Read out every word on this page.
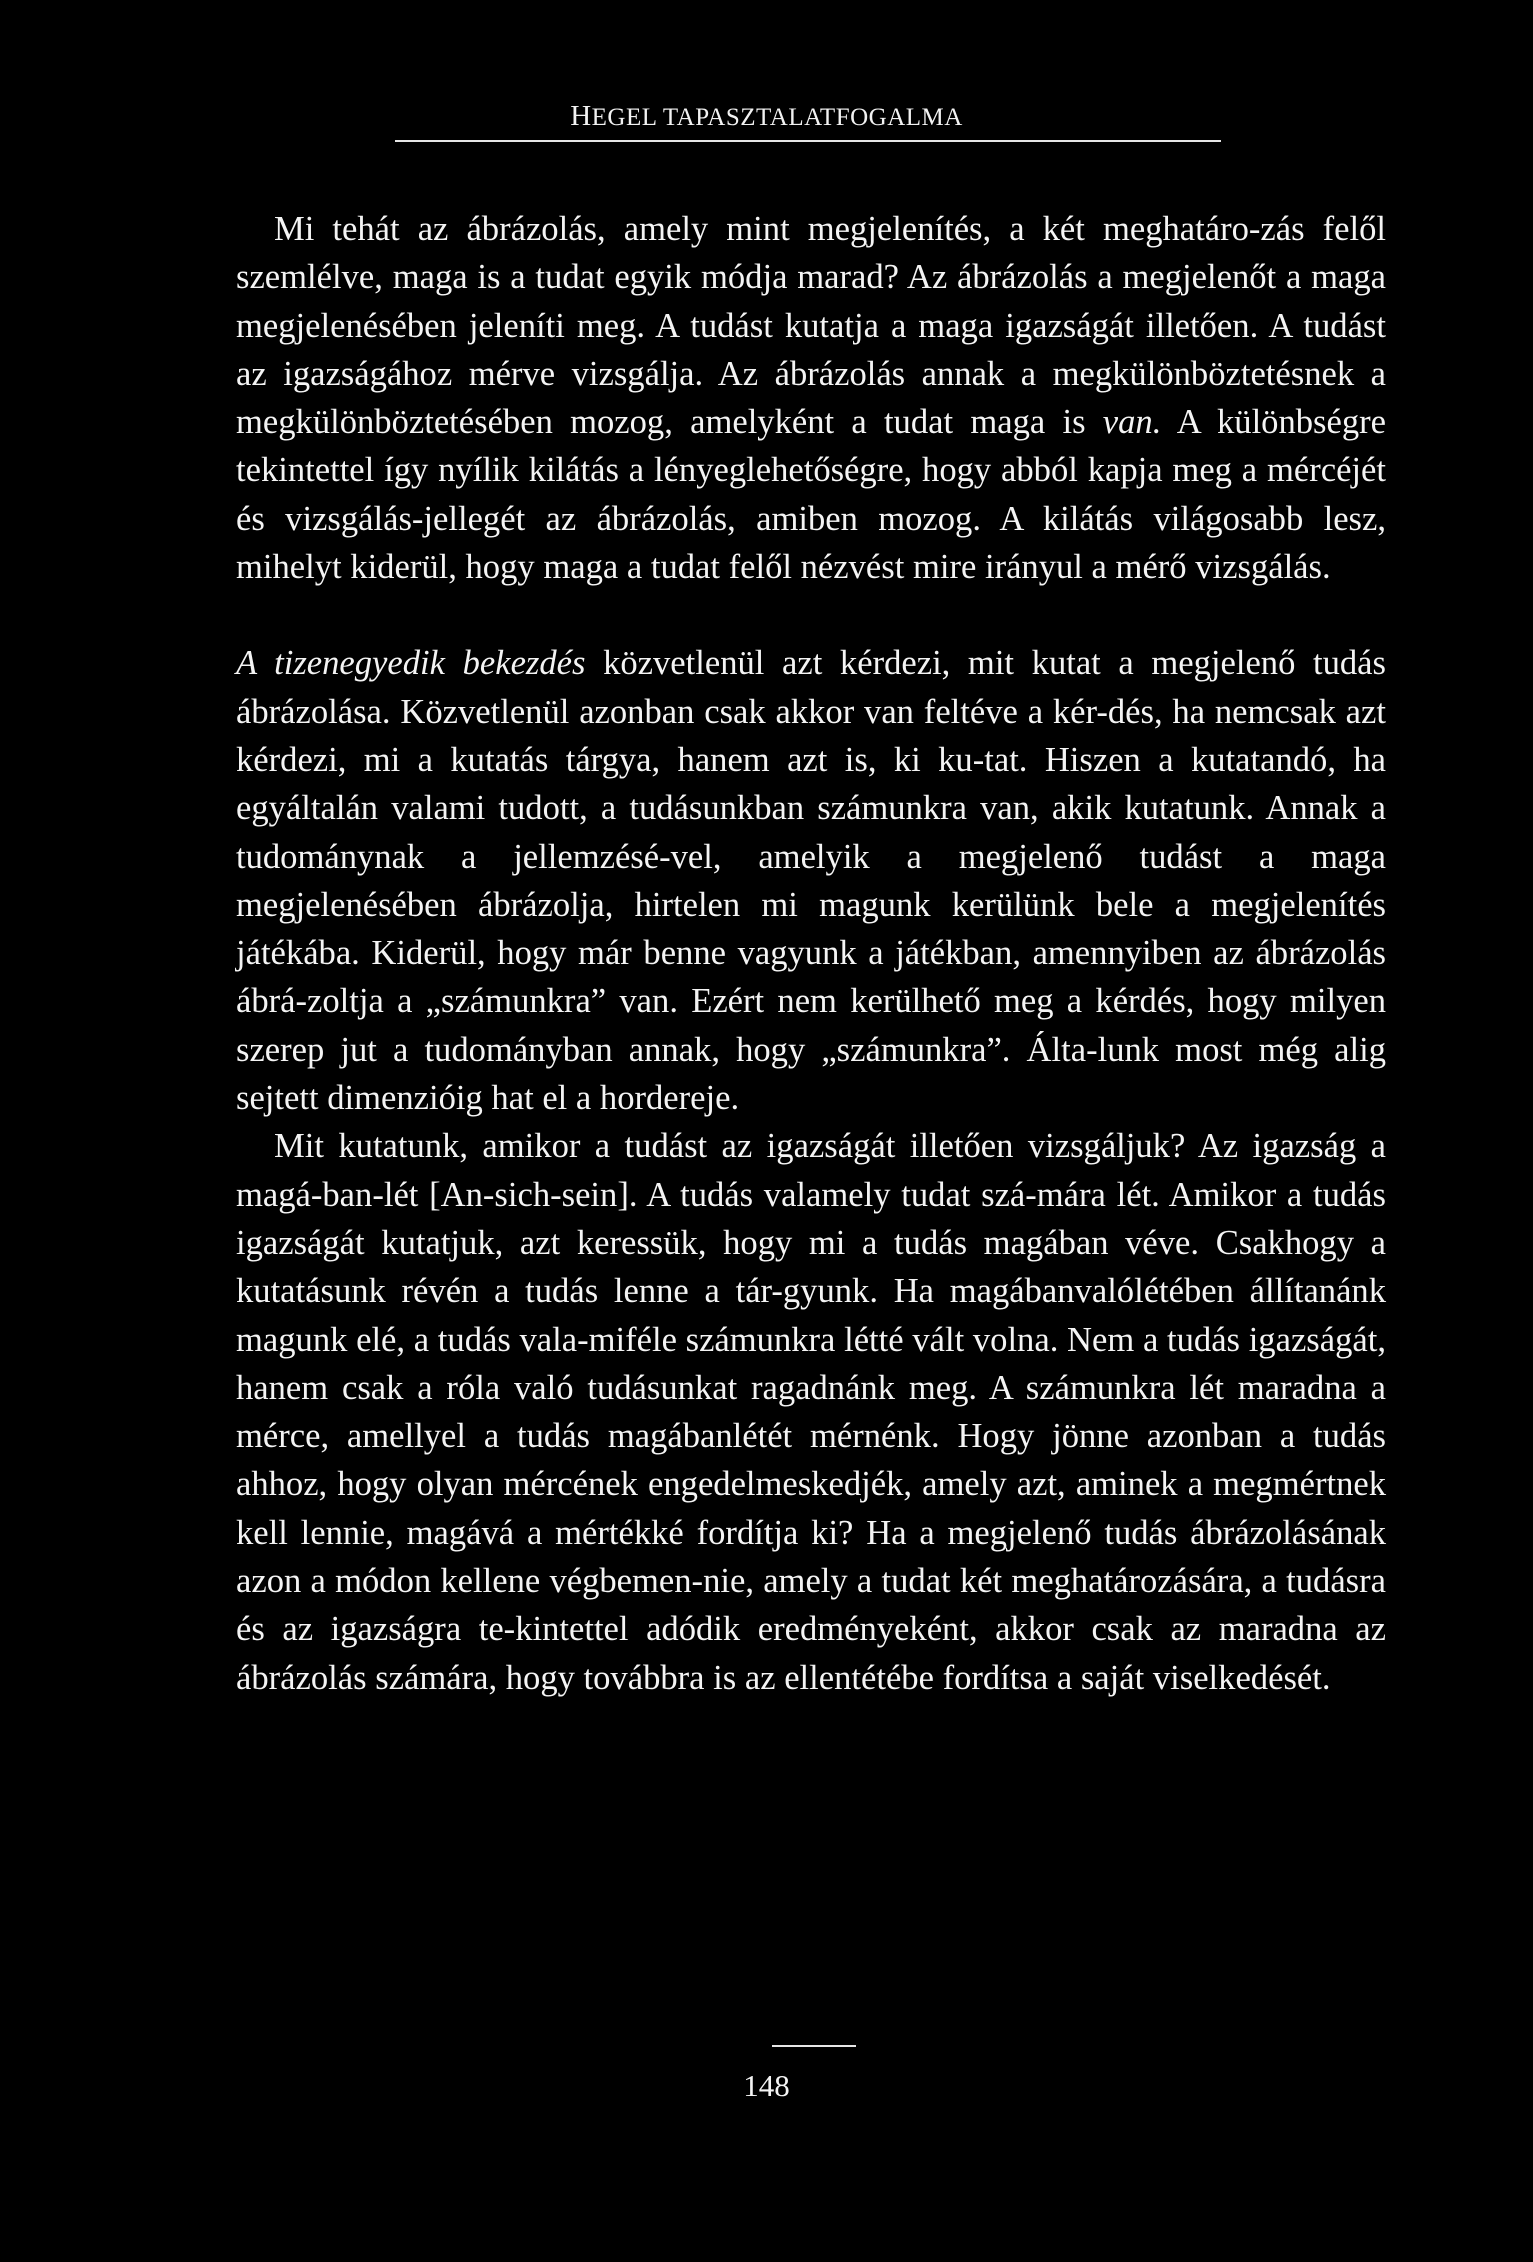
HEGEL TAPASZTALATFOGALMA

Mi tehát az ábrázolás, amely mint megjelenítés, a két meghatáro-zás felől szemlélve, maga is a tudat egyik módja marad? Az ábrázolás a megjelenőt a maga megjelenésében jeleníti meg. A tudást kutatja a maga igazságát illetően. A tudást az igazságához mérve vizsgálja. Az ábrázolás annak a megkülönböztetésnek a megkülönböztetésében mozog, amelyként a tudat maga is van. A különbségre tekintettel így nyílik kilátás a lényeglehetőségre, hogy abból kapja meg a mércéjét és vizsgálás-jellegét az ábrázolás, amiben mozog. A kilátás világosabb lesz, mihelyt kiderül, hogy maga a tudat felől nézvést mire irányul a mérő vizsgálás.

A tizenegyedik bekezdés közvetlenül azt kérdezi, mit kutat a megjelenő tudás ábrázolása. Közvetlenül azonban csak akkor van feltéve a kér-dés, ha nemcsak azt kérdezi, mi a kutatás tárgya, hanem azt is, ki ku-tat. Hiszen a kutatandó, ha egyáltalán valami tudott, a tudásunkban számunkra van, akik kutatunk. Annak a tudománynak a jellemzésé-vel, amelyik a megjelenő tudást a maga megjelenésében ábrázolja, hirtelen mi magunk kerülünk bele a megjelenítés játékába. Kiderül, hogy már benne vagyunk a játékban, amennyiben az ábrázolás ábrá-zoltja a „számunkra” van. Ezért nem kerülhető meg a kérdés, hogy milyen szerep jut a tudományban annak, hogy „számunkra”. Álta-lunk most még alig sejtett dimenzióig hat el a hordereje.

Mit kutatunk, amikor a tudást az igazságát illetően vizsgáljuk? Az igazság a magá-ban-lét [An-sich-sein]. A tudás valamely tudat szá-mára lét. Amikor a tudás igazságát kutatjuk, azt keressük, hogy mi a tudás magában véve. Csakhogy a kutatásunk révén a tudás lenne a tár-gyunk. Ha magábanvalólétében állítanánk magunk elé, a tudás vala-miféle számunkra létté vált volna. Nem a tudás igazságát, hanem csak a róla való tudásunkat ragadnánk meg. A számunkra lét maradna a mérce, amellyel a tudás magábanlétét mérnénk. Hogy jönne azonban a tudás ahhoz, hogy olyan mércének engedelmeskedjék, amely azt, aminek a megmértnek kell lennie, magává a mértékké fordítja ki? Ha a megjelenő tudás ábrázolásának azon a módon kellene végbemen-nie, amely a tudat két meghatározására, a tudásra és az igazságra te-kintettel adódik eredményeként, akkor csak az maradna az ábrázolás számára, hogy továbbra is az ellentétébe fordítsa a saját viselkedését.

148
